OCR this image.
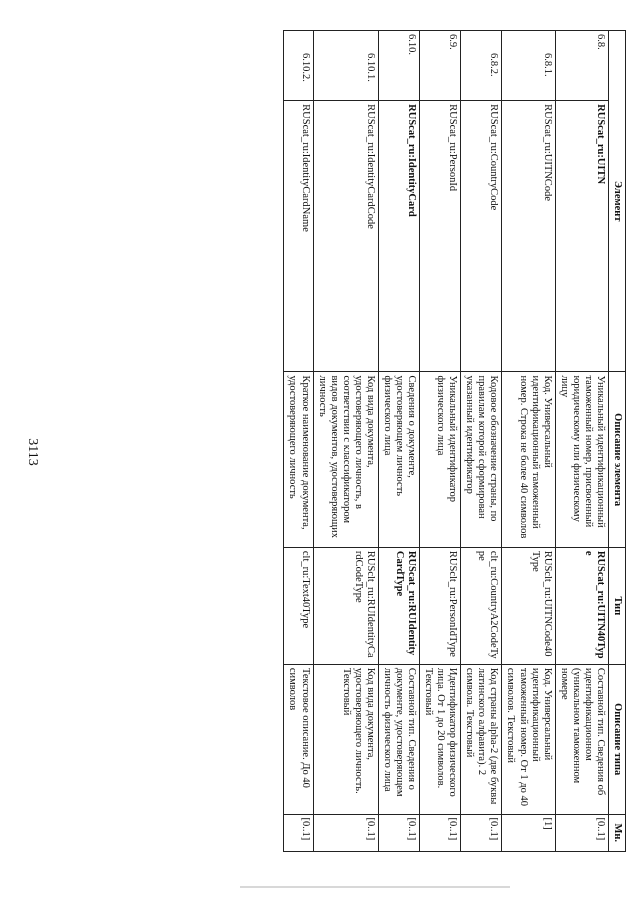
3113
Элемент		Описание элемента	Тип	Описание типа	Мн.
6.8.	RUScat_ru:UITN	Уникальный идентификационный таможенный номер, присвоенный юридическому или физическому лицу	RUScat_ru:UITN40Type	Составной тип. Сведения об идентификационном (уникальном таможенном номере	[0..1]
6.8.1.	RUScat_ru:UITNCode	Код. Универсальный идентификационный таможенный номер. Строка не более 40 символов	RUSclt_ru:UITNCode40Type	Код. Универсальный идентификационный таможенный номер. От 1 до 40 символов. Текстовый	[1]
6.8.2.	RUScat_ru:CountryCode	Кодовое обозначение страны, по правилам которой сформирован указанный идентификатор	clt_ru:CountryA2CodeType	Код страны alpha-2 (две буквы латинского алфавита). 2 символа. Текстовый	[0..1]
6.9.	RUScat_ru:PersonId	Уникальный идентификатор физического лица	RUSclt_ru:PersonIdType	Идентификатор физического лица. От 1 до 20 символов. Текстовый	[0..1]
6.10.	RUScat_ru:IdentityCard	Сведения о документе, удостоверяющем личность физического лица	RUScat_ru:RUIdentityCardType	Составной тип. Сведения о документе, удостоверяющем личность физического лица	[0..1]
6.10.1.	RUScat_ru:IdentityCardCode	Код вида документа, удостоверяющего личность, в соответствии с классификатором видов документов, удостоверяющих личность	RUSclt_ru:RUIdentityCardCodeType	Код вида документа, удостоверяющего личность. Текстовый	[0..1]
6.10.2.	RUScat_ru:IdentityCardName	Краткое наименование документа, удостоверяющего личность	clt_ru:Text40Type	Текстовое описание. До 40 символов	[0..1]
